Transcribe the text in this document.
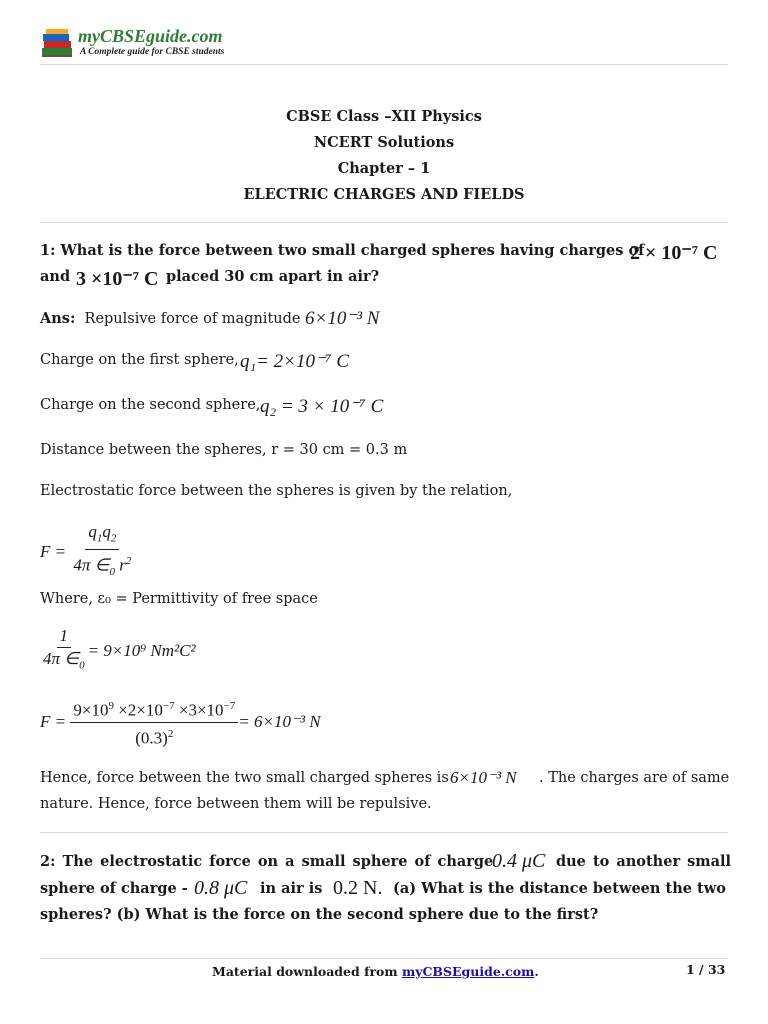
myCBSEguide.com
A Complete guide for CBSE students
CBSE Class –XII Physics
NCERT Solutions
Chapter – 1
ELECTRIC CHARGES AND FIELDS
1: What is the force between two small charged spheres having charges of
2 × 10⁻⁷ C
and 3 ×10⁻⁷ C placed 30 cm apart in air?
Ans: Repulsive force of magnitude 6×10⁻³ N
Charge on the first sphere, q₁= 2×10⁻⁷ C
Charge on the second sphere, q₂ = 3 × 10⁻⁷ C
Distance between the spheres, r = 30 cm = 0.3 m
Electrostatic force between the spheres is given by the relation,
$F = \frac{q_1q_2}{4\pi \in_0 r^2}$
Where, ε₀ = Permittivity of free space
$\frac{1}{4\pi \in_0} = 9\times 10^9$ Nm²C²
$F = \frac{9\times 10^9 \times 2\times 10^{-7} \times 3\times 10^{-7}}{(0.3)^2} = 6\times 10^{-3}$ N
Hence, force between the two small charged spheres is 6×10⁻³ N . The charges are of same
nature. Hence, force between them will be repulsive.
2: The electrostatic force on a small sphere of charge
0.4 μC due to another small
sphere of charge - 0.8 μC in air is 0.2 N. (a) What is the distance between the two
spheres? (b) What is the force on the second sphere due to the first?
Material downloaded from myCBSEguide.com.	1 / 33
